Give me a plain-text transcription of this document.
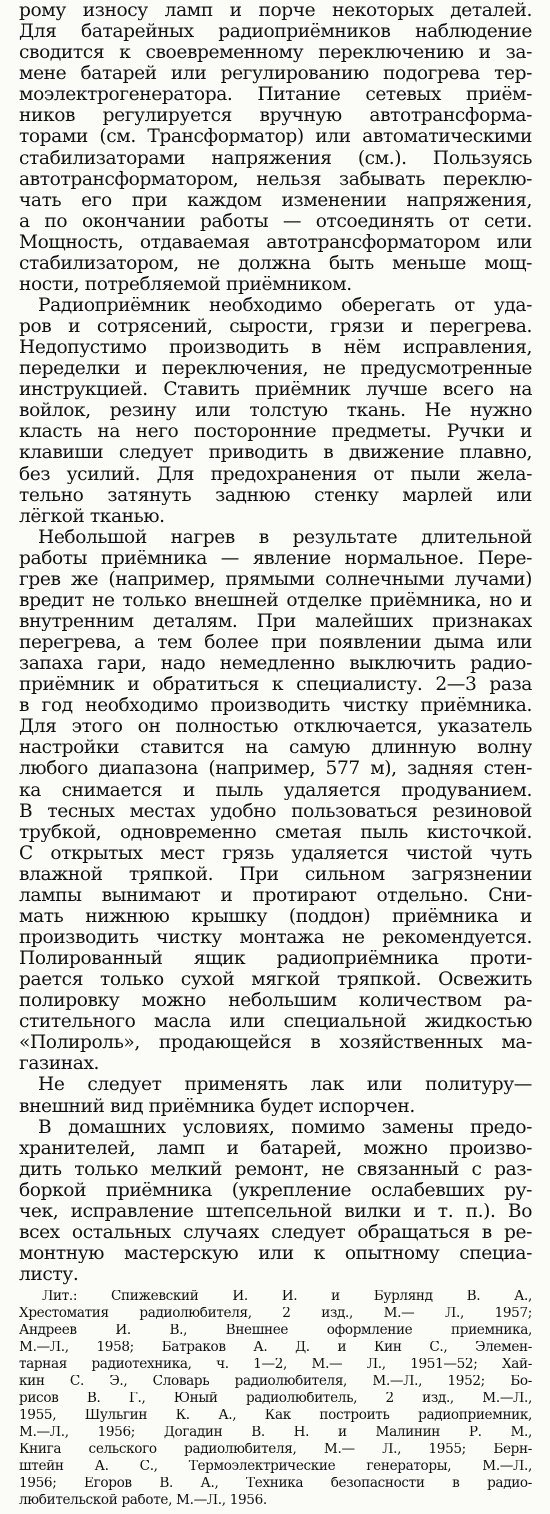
рому износу ламп и порче некоторых деталей.
Для батарейных радиоприёмников наблюдение
сводится к своевременному переключению и за-
мене батарей или регулированию подогрева тер-
моэлектрогенератора. Питание сетевых приём-
ников регулируется вручную автотрансформа-
торами (см. Трансформатор) или автоматическими
стабилизаторами напряжения (см.). Пользуясь
автотрансформатором, нельзя забывать переклю-
чать его при каждом изменении напряжения,
а по окончании работы — отсоединять от сети.
Мощность, отдаваемая автотрансформатором или
стабилизатором, не должна быть меньше мощ-
ности, потребляемой приёмником.
Радиоприёмник необходимо оберегать от уда-
ров и сотрясений, сырости, грязи и перегрева.
Недопустимо производить в нём исправления,
переделки и переключения, не предусмотренные
инструкцией. Ставить приёмник лучше всего на
войлок, резину или толстую ткань. Не нужно
класть на него посторонние предметы. Ручки и
клавиши следует приводить в движение плавно,
без усилий. Для предохранения от пыли жела-
тельно затянуть заднюю стенку марлей или
лёгкой тканью.
Небольшой нагрев в результате длительной
работы приёмника — явление нормальное. Пере-
грев же (например, прямыми солнечными лучами)
вредит не только внешней отделке приёмника, но и
внутренним деталям. При малейших признаках
перегрева, а тем более при появлении дыма или
запаха гари, надо немедленно выключить радио-
приёмник и обратиться к специалисту. 2—3 раза
в год необходимо производить чистку приёмника.
Для этого он полностью отключается, указатель
настройки ставится на самую длинную волну
любого диапазона (например, 577 м), задняя стен-
ка снимается и пыль удаляется продуванием.
В тесных местах удобно пользоваться резиновой
трубкой, одновременно сметая пыль кисточкой.
С открытых мест грязь удаляется чистой чуть
влажной тряпкой. При сильном загрязнении
лампы вынимают и протирают отдельно. Сни-
мать нижнюю крышку (поддон) приёмника и
производить чистку монтажа не рекомендуется.
Полированный ящик радиоприёмника проти-
рается только сухой мягкой тряпкой. Освежить
полировку можно небольшим количеством ра-
стительного масла или специальной жидкостью
«Полироль», продающейся в хозяйственных ма-
газинах.
Не следует применять лак или политуру—
внешний вид приёмника будет испорчен.
В домашних условиях, помимо замены предо-
хранителей, ламп и батарей, можно произво-
дить только мелкий ремонт, не связанный с раз-
боркой приёмника (укрепление ослабевших ру-
чек, исправление штепсельной вилки и т. п.). Во
всех остальных случаях следует обращаться в ре-
монтную мастерскую или к опытному специа-
листу.
Лит.: Спижевский И. И. и Бурлянд В. А.,
Хрестоматия радиолюбителя, 2 изд., М.— Л., 1957;
Андреев И. В., Внешнее оформление приемника,
М.—Л., 1958; Батраков А. Д. и Кин С., Элемен-
тарная радиотехника, ч. 1—2, М.— Л., 1951—52; Хай-
кин С. Э., Словарь радиолюбителя, М.—Л., 1952; Бо-
рисов В. Г., Юный радиолюбитель, 2 изд., М.—Л.,
1955, Шульгин К. А., Как построить радиоприемник,
М.—Л., 1956; Догадин В. Н. и Малинин Р. М.,
Книга сельского радиолюбителя, М.— Л., 1955; Берн-
штейн А. С., Термоэлектрические генераторы, М.—Л.,
1956; Егоров В. А., Техника безопасности в радио-
любительской работе, М.—Л., 1956.
